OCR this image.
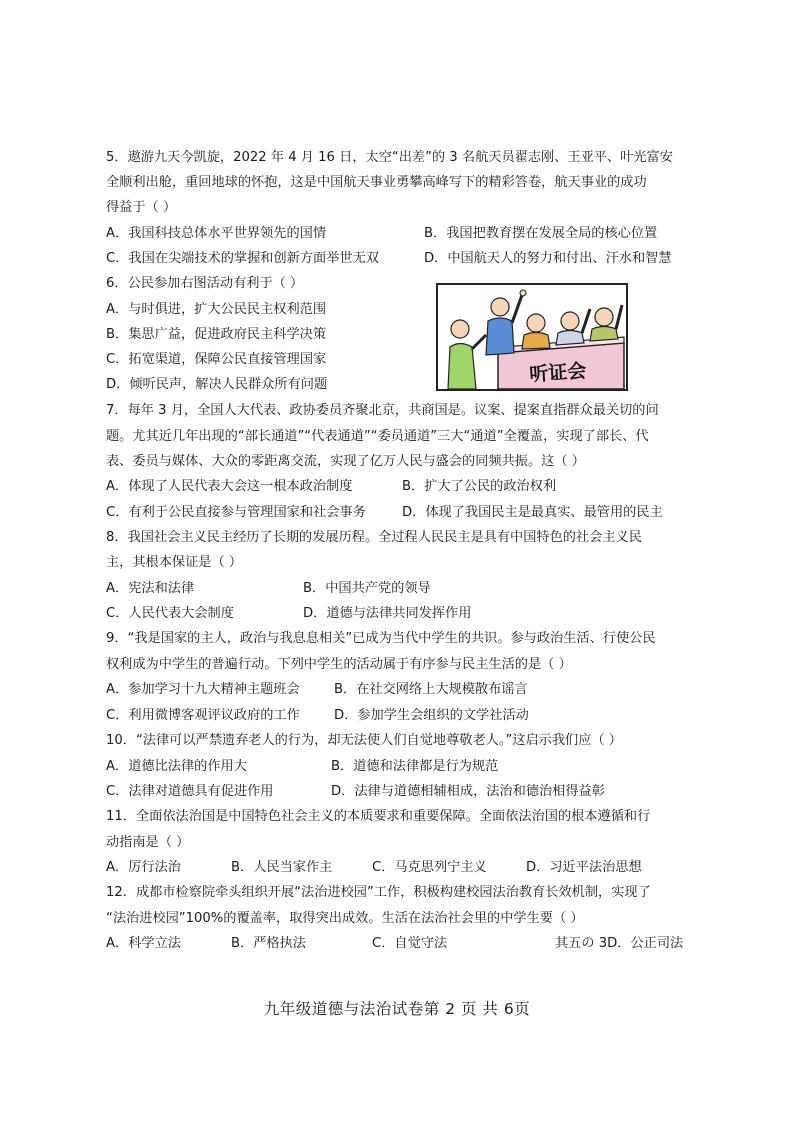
5．遨游九天今凯旋，2022 年 4 月 16 日，太空“出差”的 3 名航天员翟志刚、王亚平、叶光富安
全顺利出舱，重回地球的怀抱，这是中国航天事业勇攀高峰写下的精彩答卷，航天事业的成功
得益于（ ）
A．我国科技总体水平世界领先的国情	B．我国把教育摆在发展全局的核心位置
C．我国在尖端技术的掌握和创新方面举世无双	D．中国航天人的努力和付出、汗水和智慧
6．公民参加右图活动有利于（ ）
A．与时俱进，扩大公民民主权利范围
B．集思广益，促进政府民主科学决策
C．拓宽渠道，保障公民直接管理国家
D．倾听民声，解决人民群众所有问题	听证会
7．每年 3 月，全国人大代表、政协委员齐聚北京，共商国是。议案、提案直指群众最关切的问
题。尤其近几年出现的“部长通道”“代表通道”“委员通道”三大“通道”全覆盖，实现了部长、代
表、委员与媒体、大众的零距离交流，实现了亿万人民与盛会的同频共振。这（ ）
A．体现了人民代表大会这一根本政治制度	B．扩大了公民的政治权利
C．有利于公民直接参与管理国家和社会事务	D．体现了我国民主是最真实、最管用的民主
8．我国社会主义民主经历了长期的发展历程。全过程人民民主是具有中国特色的社会主义民
主，其根本保证是（ ）
A．宪法和法律	B．中国共产党的领导
C．人民代表大会制度	D．道德与法律共同发挥作用
9．“我是国家的主人，政治与我息息相关”已成为当代中学生的共识。参与政治生活、行使公民
权利成为中学生的普遍行动。下列中学生的活动属于有序参与民主生活的是（ ）
A．参加学习十九大精神主题班会	B．在社交网络上大规模散布谣言
C．利用微博客观评议政府的工作	D．参加学生会组织的文学社活动
10．“法律可以严禁遗弃老人的行为，却无法使人们自觉地尊敬老人。”这启示我们应（ ）
A．道德比法律的作用大	B．道德和法律都是行为规范
C．法律对道德具有促进作用	D．法律与道德相辅相成，法治和德治相得益彰
11．全面依法治国是中国特色社会主义的本质要求和重要保障。全面依法治国的根本遵循和行
动指南是（ ）
A．厉行法治	B．人民当家作主	C．马克思列宁主义	D．习近平法治思想
12．成都市检察院牵头组织开展“法治进校园”工作，积极构建校园法治教育长效机制，实现了
“法治进校园”100%的覆盖率，取得突出成效。生活在法治社会里的中学生要（ ）
A．科学立法	B．严格执法	C．自觉守法	其五の 3D．公正司法
九年级道德与法治试卷第 2 页 共 6页
